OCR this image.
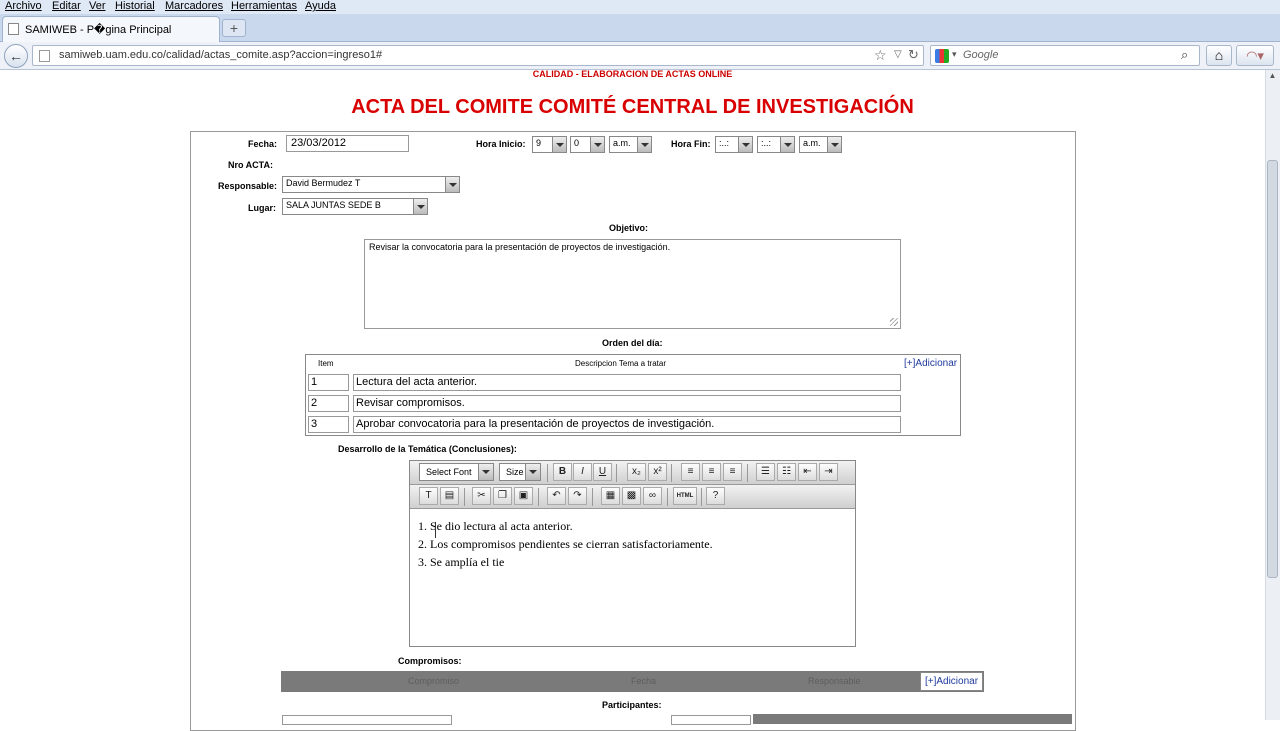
Archivo Editar Ver Historial Marcadores Herramientas Ayuda
SAMIWEB - P�gina Principal	+
←	samiweb.uam.edu.co/calidad/actas_comite.asp?accion=ingreso1#	☆ ▽ ↻	▾ Google	⌕	⌂	◠▾
▲
CALIDAD - ELABORACION DE ACTAS ONLINE
ACTA DEL COMITE COMITÉ CENTRAL DE INVESTIGACIÓN
Fecha:	23/03/2012	Hora Inicio:	9	0	a.m.	Hora Fin: :..:	:..:	a.m.
Nro ACTA:
Responsable: David Bermudez T
Lugar:	SALA JUNTAS SEDE B
Objetivo:
Revisar la convocatoria para la presentación de proyectos de investigación.
Orden del día:
Item	Descripcion Tema a tratar	[+]Adicionar
1	Lectura del acta anterior.
2	Revisar compromisos.
3	Aprobar convocatoria para la presentación de proyectos de investigación.
Desarrollo de la Temática (Conclusiones):
Select Font	Size	B	I	U	x₂	x²	≡	≡	≡	☰	☷	⇤	⇥
T	▤	✂	❐	▣	↶	↷	▦	▩	∞	HTML	?
1. Se dio lectura al acta anterior.
2. Los compromisos pendientes se cierran satisfactoriamente.
3. Se amplía el tie
Compromisos:
Compromiso	Fecha	Responsable	[+]Adicionar
Participantes:
